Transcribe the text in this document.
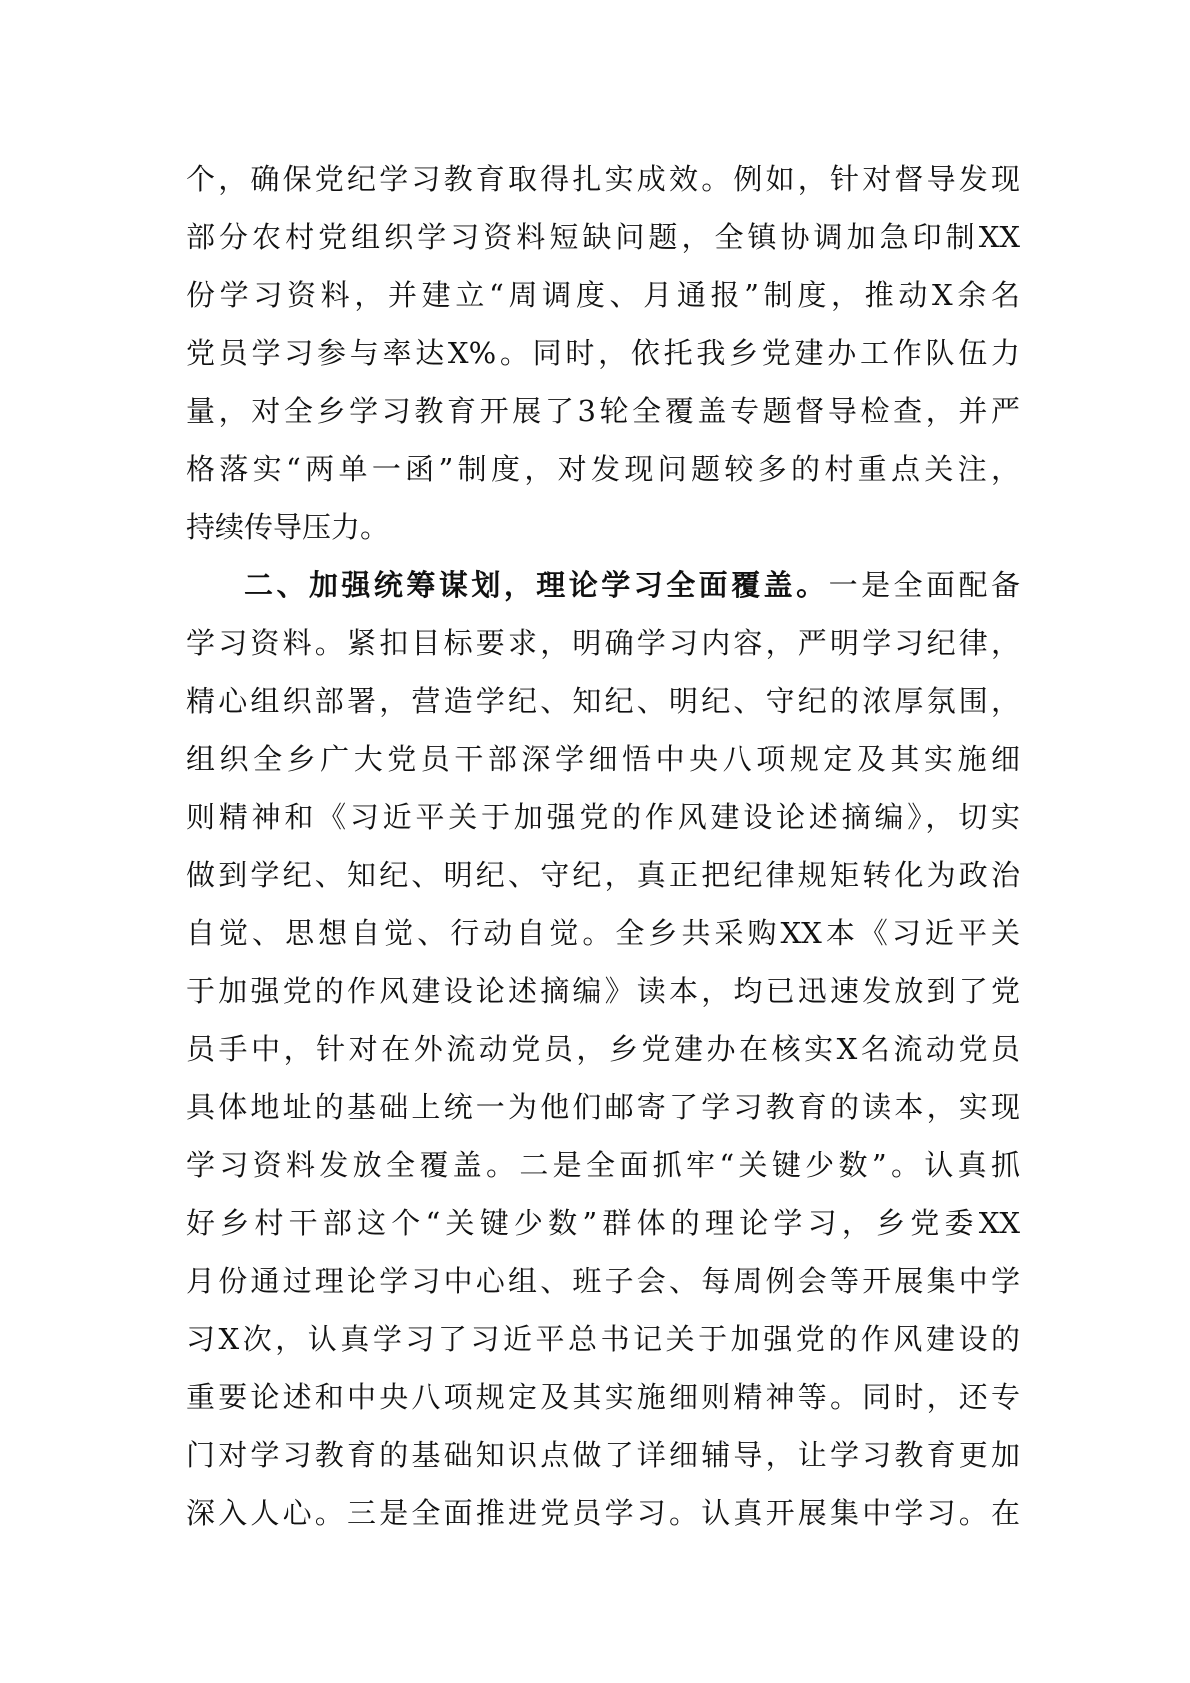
个，确保党纪学习教育取得扎实成效。例如，针对督导发现
部分农村党组织学习资料短缺问题，全镇协调加急印制XX
份学习资料，并建立“周调度、月通报”制度，推动X余名
党员学习参与率达X%。同时，依托我乡党建办工作队伍力
量，对全乡学习教育开展了3轮全覆盖专题督导检查，并严
格落实“两单一函”制度，对发现问题较多的村重点关注，
持续传导压力。
二、加强统筹谋划，理论学习全面覆盖。一是全面配备
学习资料。紧扣目标要求，明确学习内容，严明学习纪律，
精心组织部署，营造学纪、知纪、明纪、守纪的浓厚氛围，
组织全乡广大党员干部深学细悟中央八项规定及其实施细
则精神和《习近平关于加强党的作风建设论述摘编》，切实
做到学纪、知纪、明纪、守纪，真正把纪律规矩转化为政治
自觉、思想自觉、行动自觉。全乡共采购XX本《习近平关
于加强党的作风建设论述摘编》读本，均已迅速发放到了党
员手中，针对在外流动党员，乡党建办在核实X名流动党员
具体地址的基础上统一为他们邮寄了学习教育的读本，实现
学习资料发放全覆盖。二是全面抓牢“关键少数”。认真抓
好乡村干部这个“关键少数”群体的理论学习，乡党委XX
月份通过理论学习中心组、班子会、每周例会等开展集中学
习X次，认真学习了习近平总书记关于加强党的作风建设的
重要论述和中央八项规定及其实施细则精神等。同时，还专
门对学习教育的基础知识点做了详细辅导，让学习教育更加
深入人心。三是全面推进党员学习。认真开展集中学习。在
